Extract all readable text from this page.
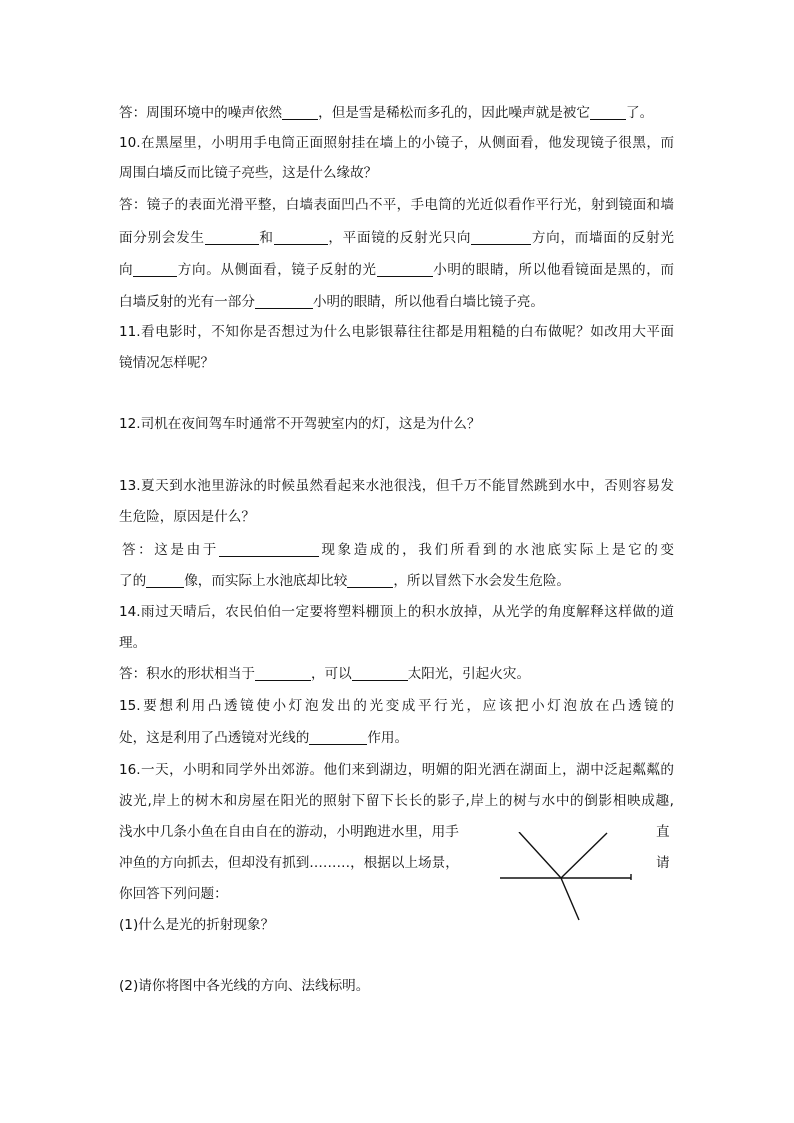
答：周围环境中的噪声依然	，但是雪是稀松而多孔的，因此噪声就是被它	了。
10.在黑屋里，小明用手电筒正面照射挂在墙上的小镜子，从侧面看，他发现镜子很黑，而
周围白墙反而比镜子亮些，这是什么缘故？
答：镜子的表面光滑平整，白墙表面凹凸不平，手电筒的光近似看作平行光，射到镜面和墙
面分别会发生	和	，平面镜的反射光只向	方向，而墙面的反射光
向	方向。从侧面看，镜子反射的光	小明的眼睛，所以他看镜面是黑的，而
白墙反射的光有一部分	小明的眼睛，所以他看白墙比镜子亮。
11.看电影时，不知你是否想过为什么电影银幕往往都是用粗糙的白布做呢？如改用大平面
镜情况怎样呢？
12.司机在夜间驾车时通常不开驾驶室内的灯，这是为什么？
13.夏天到水池里游泳的时候虽然看起来水池很浅，但千万不能冒然跳到水中，否则容易发
生危险，原因是什么？
答：这是由于	现象造成的，我们所看到的水池底实际上是它的变
了的	像，而实际上水池底却比较	，所以冒然下水会发生危险。
14.雨过天晴后，农民伯伯一定要将塑料棚顶上的积水放掉，从光学的角度解释这样做的道
理。
答：积水的形状相当于	，可以	太阳光，引起火灾。
15.要想利用凸透镜使小灯泡发出的光变成平行光，应该把小灯泡放在凸透镜的
处，这是利用了凸透镜对光线的	作用。
16.一天，小明和同学外出郊游。他们来到湖边，明媚的阳光洒在湖面上，湖中泛起粼粼的
波光,岸上的树木和房屋在阳光的照射下留下长长的影子,岸上的树与水中的倒影相映成趣,
浅水中几条小鱼在自由自在的游动，小明跑进水里，用手	直
冲鱼的方向抓去，但却没有抓到………，根据以上场景，	请
你回答下列问题：
(1)什么是光的折射现象？
(2)请你将图中各光线的方向、法线标明。
